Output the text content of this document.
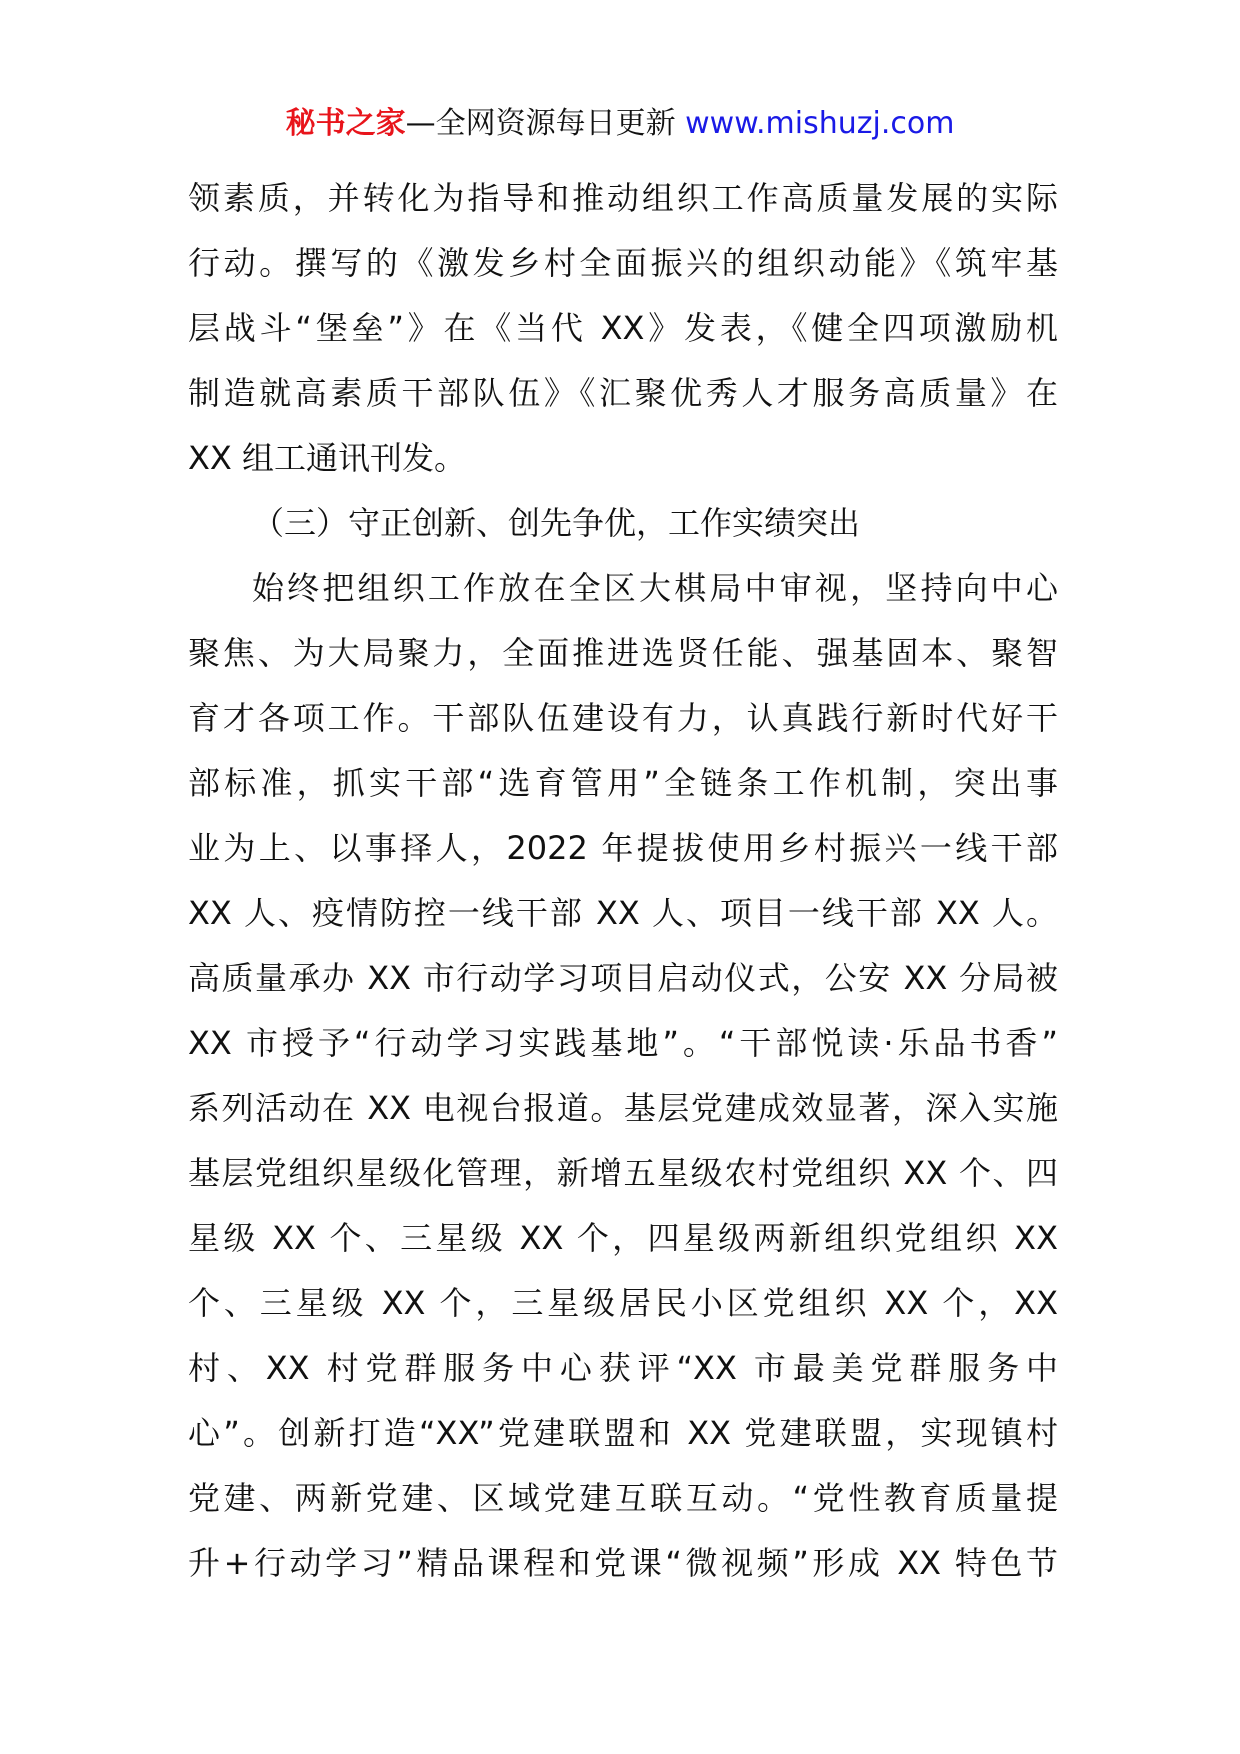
秘书之家—全网资源每日更新 www.mishuzj.com
领素质，并转化为指导和推动组织工作高质量发展的实际
行动。撰写的《激发乡村全面振兴的组织动能》《筑牢基
层战斗“堡垒”》在《当代 XX》发表，《健全四项激励机
制造就高素质干部队伍》《汇聚优秀人才服务高质量》在
XX 组工通讯刊发。
（三）守正创新、创先争优，工作实绩突出
始终把组织工作放在全区大棋局中审视，坚持向中心
聚焦、为大局聚力，全面推进选贤任能、强基固本、聚智
育才各项工作。干部队伍建设有力，认真践行新时代好干
部标准，抓实干部“选育管用”全链条工作机制，突出事
业为上、以事择人，2022 年提拔使用乡村振兴一线干部
XX 人、疫情防控一线干部 XX 人、项目一线干部 XX 人。
高质量承办 XX 市行动学习项目启动仪式，公安 XX 分局被
XX 市授予“行动学习实践基地”。“干部悦读·乐品书香”
系列活动在 XX 电视台报道。基层党建成效显著，深入实施
基层党组织星级化管理，新增五星级农村党组织 XX 个、四
星级 XX 个、三星级 XX 个，四星级两新组织党组织 XX
个、三星级 XX 个，三星级居民小区党组织 XX 个，XX
村、XX 村党群服务中心获评“XX 市最美党群服务中
心”。创新打造“XX”党建联盟和 XX 党建联盟，实现镇村
党建、两新党建、区域党建互联互动。“党性教育质量提
升+行动学习”精品课程和党课“微视频”形成 XX 特色节
